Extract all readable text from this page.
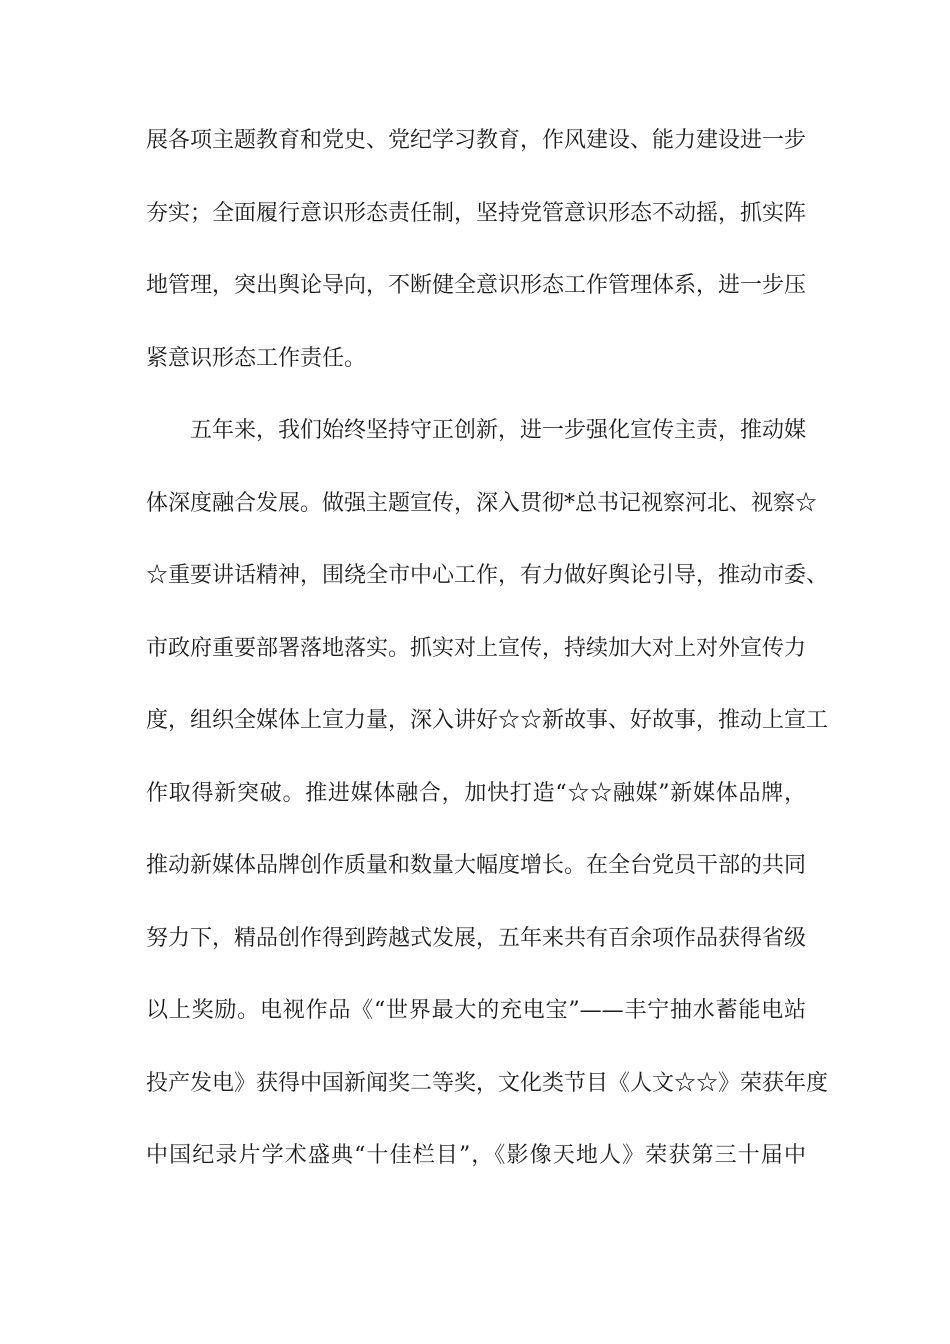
展各项主题教育和党史、党纪学习教育，作风建设、能力建设进一步
夯实；全面履行意识形态责任制，坚持党管意识形态不动摇，抓实阵
地管理，突出舆论导向，不断健全意识形态工作管理体系，进一步压
紧意识形态工作责任。
五年来，我们始终坚持守正创新，进一步强化宣传主责，推动媒
体深度融合发展。做强主题宣传，深入贯彻*总书记视察河北、视察☆
☆重要讲话精神，围绕全市中心工作，有力做好舆论引导，推动市委、
市政府重要部署落地落实。抓实对上宣传，持续加大对上对外宣传力
度，组织全媒体上宣力量，深入讲好☆☆新故事、好故事，推动上宣工
作取得新突破。推进媒体融合，加快打造“☆☆融媒”新媒体品牌，
推动新媒体品牌创作质量和数量大幅度增长。在全台党员干部的共同
努力下，精品创作得到跨越式发展，五年来共有百余项作品获得省级
以上奖励。电视作品《“世界最大的充电宝”——丰宁抽水蓄能电站
投产发电》获得中国新闻奖二等奖，文化类节目《人文☆☆》荣获年度
中国纪录片学术盛典“十佳栏目”，《影像天地人》荣获第三十届中
